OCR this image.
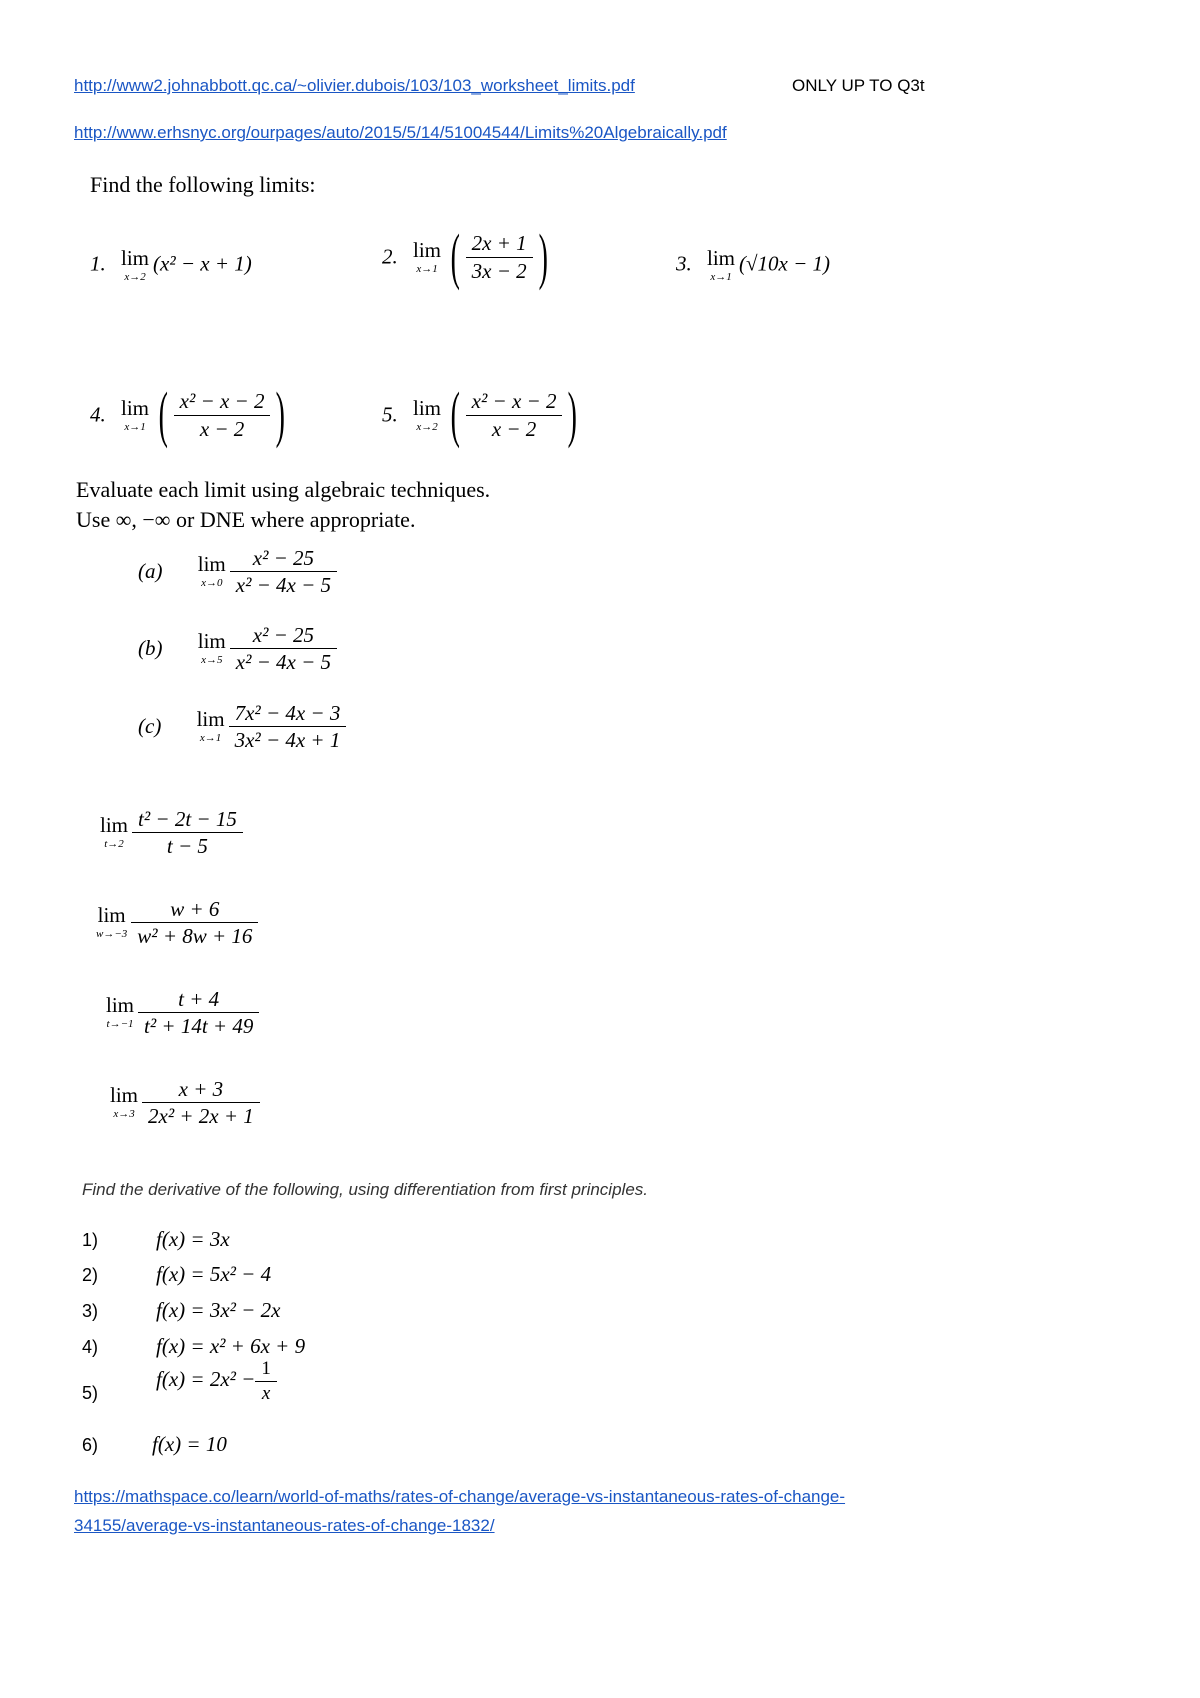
http://www2.johnabbott.qc.ca/~olivier.dubois/103/103_worksheet_limits.pdf	ONLY UP TO Q3t
http://www.erhsnyc.org/ourpages/auto/2015/5/14/51004544/Limits%20Algebraically.pdf
Find the following limits:
1. lim
x→2
(x² − x + 1)	2. lim
x→1 ( $\frac{2x + 1}{3x - 2}$ )	3. lim
x→1
(√10x − 1)
4. lim
x→1 ( $\frac{\text{x² − x − 2}}{x - 2}$ )	5. lim
x→2 ( $\frac{\text{x² − x − 2}}{x - 2}$ )
Evaluate each limit using algebraic techniques.
Use ∞, −∞ or DNE where appropriate.
(a) lim
$x\to 0 \frac{\text{x² − 25}}{\text{x² − 4x − 5}}$
(b) lim
$x\to 5 \frac{\text{x² − 25}}{\text{x² − 4x − 5}}$
(c) lim
$x\to 1 \frac{\text{7x² − 4x − 3}}{\text{3x² − 4x + 1}}$
lim
$t\to 2 \frac{\text{t² − 2t − 15}}{t - 5}$
lim
$w\to-3 \frac{w + 6}{\text{w² + 8w + 16}}$
lim
$t\to-1 \frac{t + 4}{\text{t² + 14t + 49}}$
lim
$x\to 3 \frac{x + 3}{\text{2x² + 2x + 1}}$
Find the derivative of the following, using differentiation from first principles.
1)	f(x) = 3x
2)	f(x) = 5x² − 4
3)	f(x) = 3x² − 2x
4)	f(x) = x² + 6x + 9
5)
$f(x) = 2x^2 - \frac{1}{x}$
6)	f(x) = 10
https://mathspace.co/learn/world-of-maths/rates-of-change/average-vs-instantaneous-rates-of-change-
34155/average-vs-instantaneous-rates-of-change-1832/
